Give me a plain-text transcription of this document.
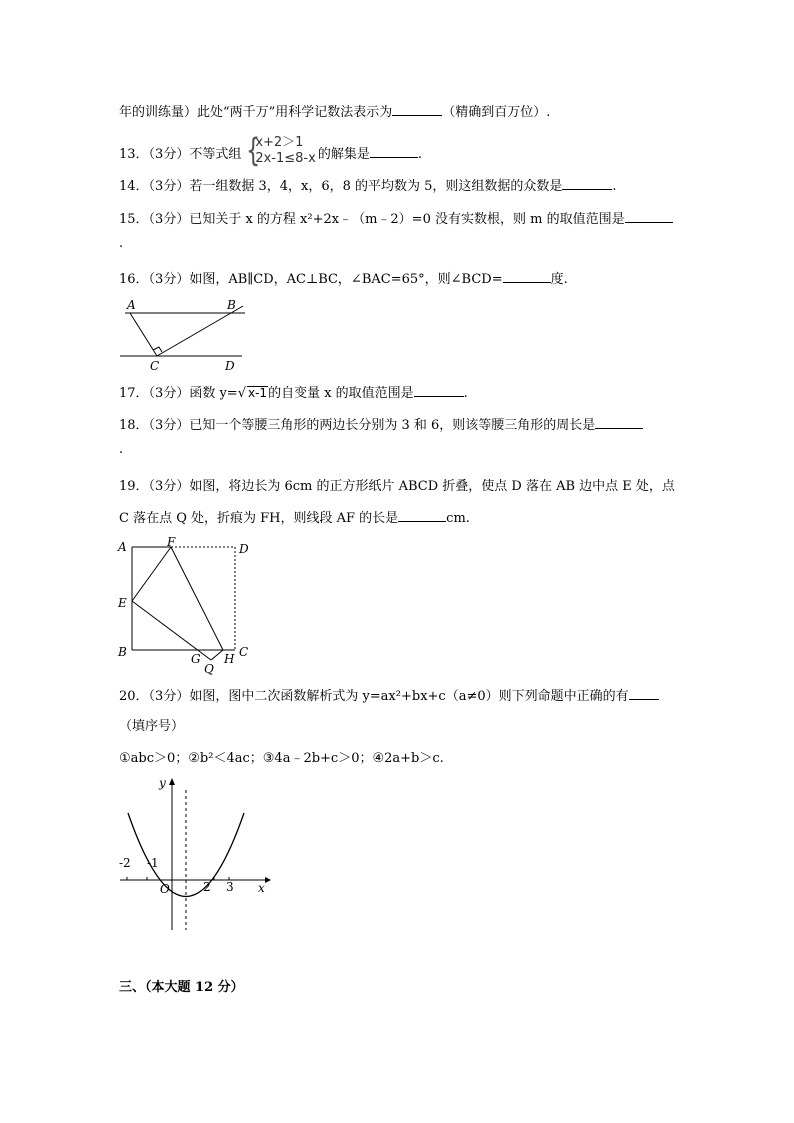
年的训练量）此处“两千万”用科学记数法表示为	（精确到百万位）.
13．（3分）不等式组 {
x+2＞1
2x-1≤8-x 的解集是	.
14．（3分）若一组数据 3，4，x，6，8 的平均数为 5，则这组数据的众数是	.
15．（3分）已知关于 x 的方程 x²+2x﹣（m﹣2）=0 没有实数根，则 m 的取值范围是
.
16．（3分）如图，AB∥CD，AC⊥BC，∠BAC=65°，则∠BCD=	度.
A	B
C	D
17．（3分）函数 y=√ x-1的自变量 x 的取值范围是	.
18．（3分）已知一个等腰三角形的两边长分别为 3 和 6，则该等腰三角形的周长是
.
19．（3分）如图，将边长为 6cm 的正方形纸片 ABCD 折叠，使点 D 落在 AB 边中点 E 处，点
C 落在点 Q 处，折痕为 FH，则线段 AF 的长是	cm.
A	F	D
E
B	G H C
Q
20．（3分）如图，图中二次函数解析式为 y=ax²+bx+c（a≠0）则下列命题中正确的有
（填序号）
①abc＞0；②b²＜4ac；③4a﹣2b+c＞0；④2a+b＞c.
-2 -1
2 3
O
y
x
三、（本大题 12 分）
